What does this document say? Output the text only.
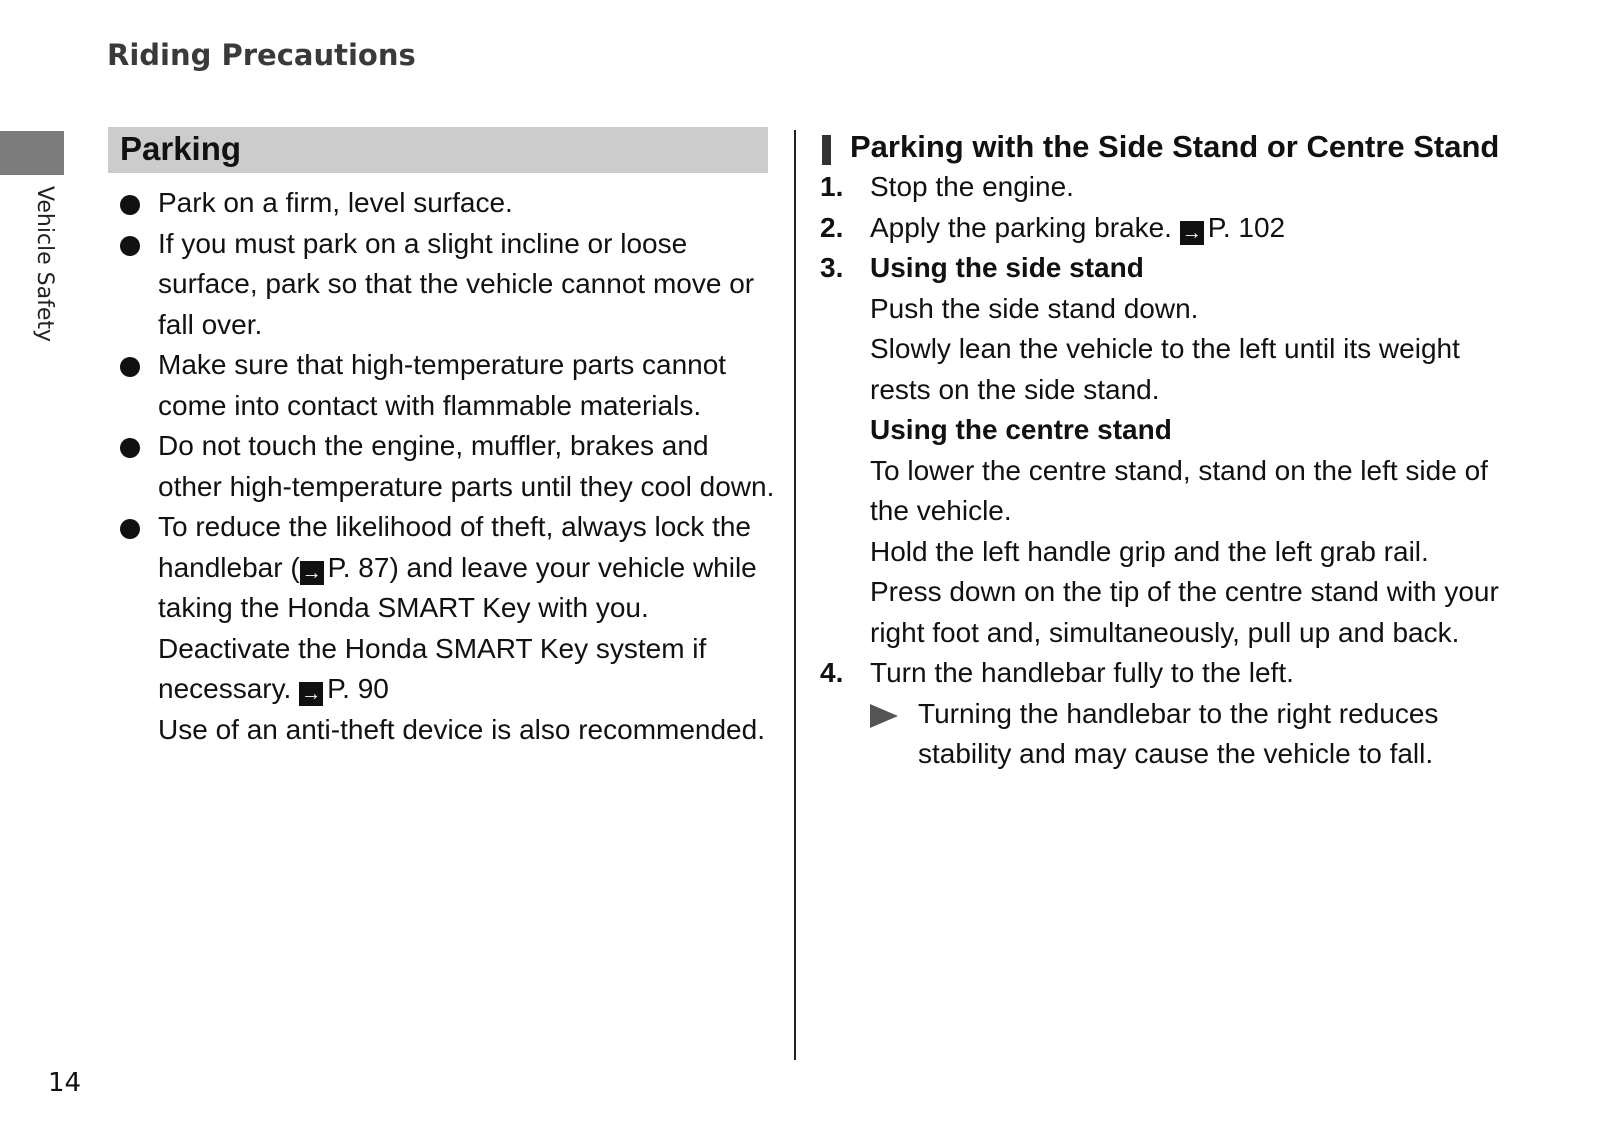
Riding Precautions
Vehicle Safety
Parking
Park on a firm, level surface.
If you must park on a slight incline or loose surface, park so that the vehicle cannot move or fall over.
Make sure that high-temperature parts cannot come into contact with flammable materials.
Do not touch the engine, muffler, brakes and other high-temperature parts until they cool down.
To reduce the likelihood of theft, always lock the handlebar ( → P. 87) and leave your vehicle while taking the Honda SMART Key with you. Deactivate the Honda SMART Key system if necessary. → P. 90
Use of an anti-theft device is also recommended.
Parking with the Side Stand or Centre Stand
1. Stop the engine.
2. Apply the parking brake. → P. 102
3. Using the side stand
Push the side stand down.
Slowly lean the vehicle to the left until its weight rests on the side stand.
Using the centre stand
To lower the centre stand, stand on the left side of the vehicle.
Hold the left handle grip and the left grab rail.
Press down on the tip of the centre stand with your right foot and, simultaneously, pull up and back.
4. Turn the handlebar fully to the left.
Turning the handlebar to the right reduces stability and may cause the vehicle to fall.
14
